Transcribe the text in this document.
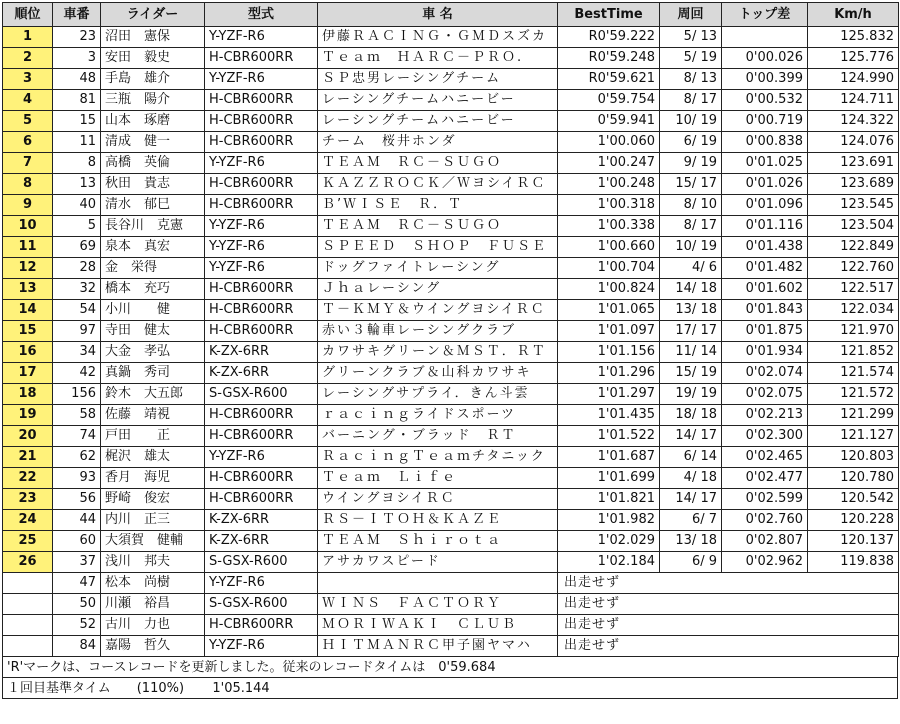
順位	車番	ライダー	型式	車 名	BestTime	周回	トップ差	Km/h
1	23	沼田　憲保	Y-YZF-R6	伊藤ＲＡＣＩＮＧ・ＧＭＤスズカ	R0'59.222	5/ 13		125.832
2	3	安田　毅史	H-CBR600RR	Ｔｅａｍ　ＨＡＲＣ－ＰＲＯ.	R0'59.248	5/ 19	0'00.026	125.776
3	48	手島　雄介	Y-YZF-R6	ＳＰ忠男レーシングチーム	R0'59.621	8/ 13	0'00.399	124.990
4	81	三瓶　陽介	H-CBR600RR	レーシングチームハニービー	0'59.754	8/ 17	0'00.532	124.711
5	15	山本　琢磨	H-CBR600RR	レーシングチームハニービー	0'59.941	10/ 19	0'00.719	124.322
6	11	清成　健一	H-CBR600RR	チーム　桜井ホンダ	1'00.060	6/ 19	0'00.838	124.076
7	8	高橋　英倫	Y-YZF-R6	ＴＥＡＭ　ＲＣ－ＳＵＧＯ	1'00.247	9/ 19	0'01.025	123.691
8	13	秋田　貴志	H-CBR600RR	ＫＡＺＺＲＯＣＫ／ＷヨシイＲＣ	1'00.248	15/ 17	0'01.026	123.689
9	40	清水　郁巳	H-CBR600RR	Ｂ’ＷＩＳＥ　Ｒ．Ｔ	1'00.318	8/ 10	0'01.096	123.545
10	5	長谷川　克憲	Y-YZF-R6	ＴＥＡＭ　ＲＣ－ＳＵＧＯ	1'00.338	8/ 17	0'01.116	123.504
11	69	泉本　真宏	Y-YZF-R6	ＳＰＥＥＤ　ＳＨＯＰ　ＦＵＳＥ	1'00.660	10/ 19	0'01.438	122.849
12	28	金　栄得	Y-YZF-R6	ドッグファイトレーシング	1'00.704	4/ 6	0'01.482	122.760
13	32	橋本　充巧	H-CBR600RR	Ｊｈａレーシング	1'00.824	14/ 18	0'01.602	122.517
14	54	小川　　健	H-CBR600RR	Ｔ－ＫＭＹ＆ウイングヨシイＲＣ	1'01.065	13/ 18	0'01.843	122.034
15	97	寺田　健太	H-CBR600RR	赤い３輪車レーシングクラブ	1'01.097	17/ 17	0'01.875	121.970
16	34	大金　孝弘	K-ZX-6RR	カワサキグリーン＆ＭＳＴ．ＲＴ	1'01.156	11/ 14	0'01.934	121.852
17	42	真鍋　秀司	K-ZX-6RR	グリーンクラブ＆山科カワサキ	1'01.296	15/ 19	0'02.074	121.574
18	156	鈴木　大五郎	S-GSX-R600	レーシングサプライ．きん斗雲	1'01.297	19/ 19	0'02.075	121.572
19	58	佐藤　靖視	H-CBR600RR	ｒａｃｉｎｇライドスポーツ	1'01.435	18/ 18	0'02.213	121.299
20	74	戸田　　正	H-CBR600RR	バーニング・ブラッド　ＲＴ	1'01.522	14/ 17	0'02.300	121.127
21	62	梶沢　雄太	Y-YZF-R6	ＲａｃｉｎｇＴｅａｍチタニック	1'01.687	6/ 14	0'02.465	120.803
22	93	香月　海児	H-CBR600RR	Ｔｅａｍ　Ｌｉｆｅ	1'01.699	4/ 18	0'02.477	120.780
23	56	野崎　俊宏	H-CBR600RR	ウイングヨシイＲＣ	1'01.821	14/ 17	0'02.599	120.542
24	44	内川　正三	K-ZX-6RR	ＲＳ－ＩＴＯＨ＆ＫＡＺＥ	1'01.982	6/ 7	0'02.760	120.228
25	60	大須賀　健輔	K-ZX-6RR	ＴＥＡＭ　Ｓｈｉｒｏｔａ	1'02.029	13/ 18	0'02.807	120.137
26	37	浅川　邦夫	S-GSX-R600	アサカワスピード	1'02.184	6/ 9	0'02.962	119.838
	47	松本　尚樹	Y-YZF-R6		出走せず			
	50	川瀬　裕昌	S-GSX-R600	ＷＩＮＳ　ＦＡＣＴＯＲＹ	出走せず			
	52	古川　力也	H-CBR600RR	ＭＯＲＩＷＡＫＩ　ＣＬＵＢ	出走せず			
	84	嘉陽　哲久	Y-YZF-R6	ＨＩＴＭＡＮＲＣ甲子園ヤマハ	出走せず			
'R'マークは、コースレコードを更新しました。従来のレコードタイムは　0'59.684
１回目基準タイム　　(110%) 1'05.144
